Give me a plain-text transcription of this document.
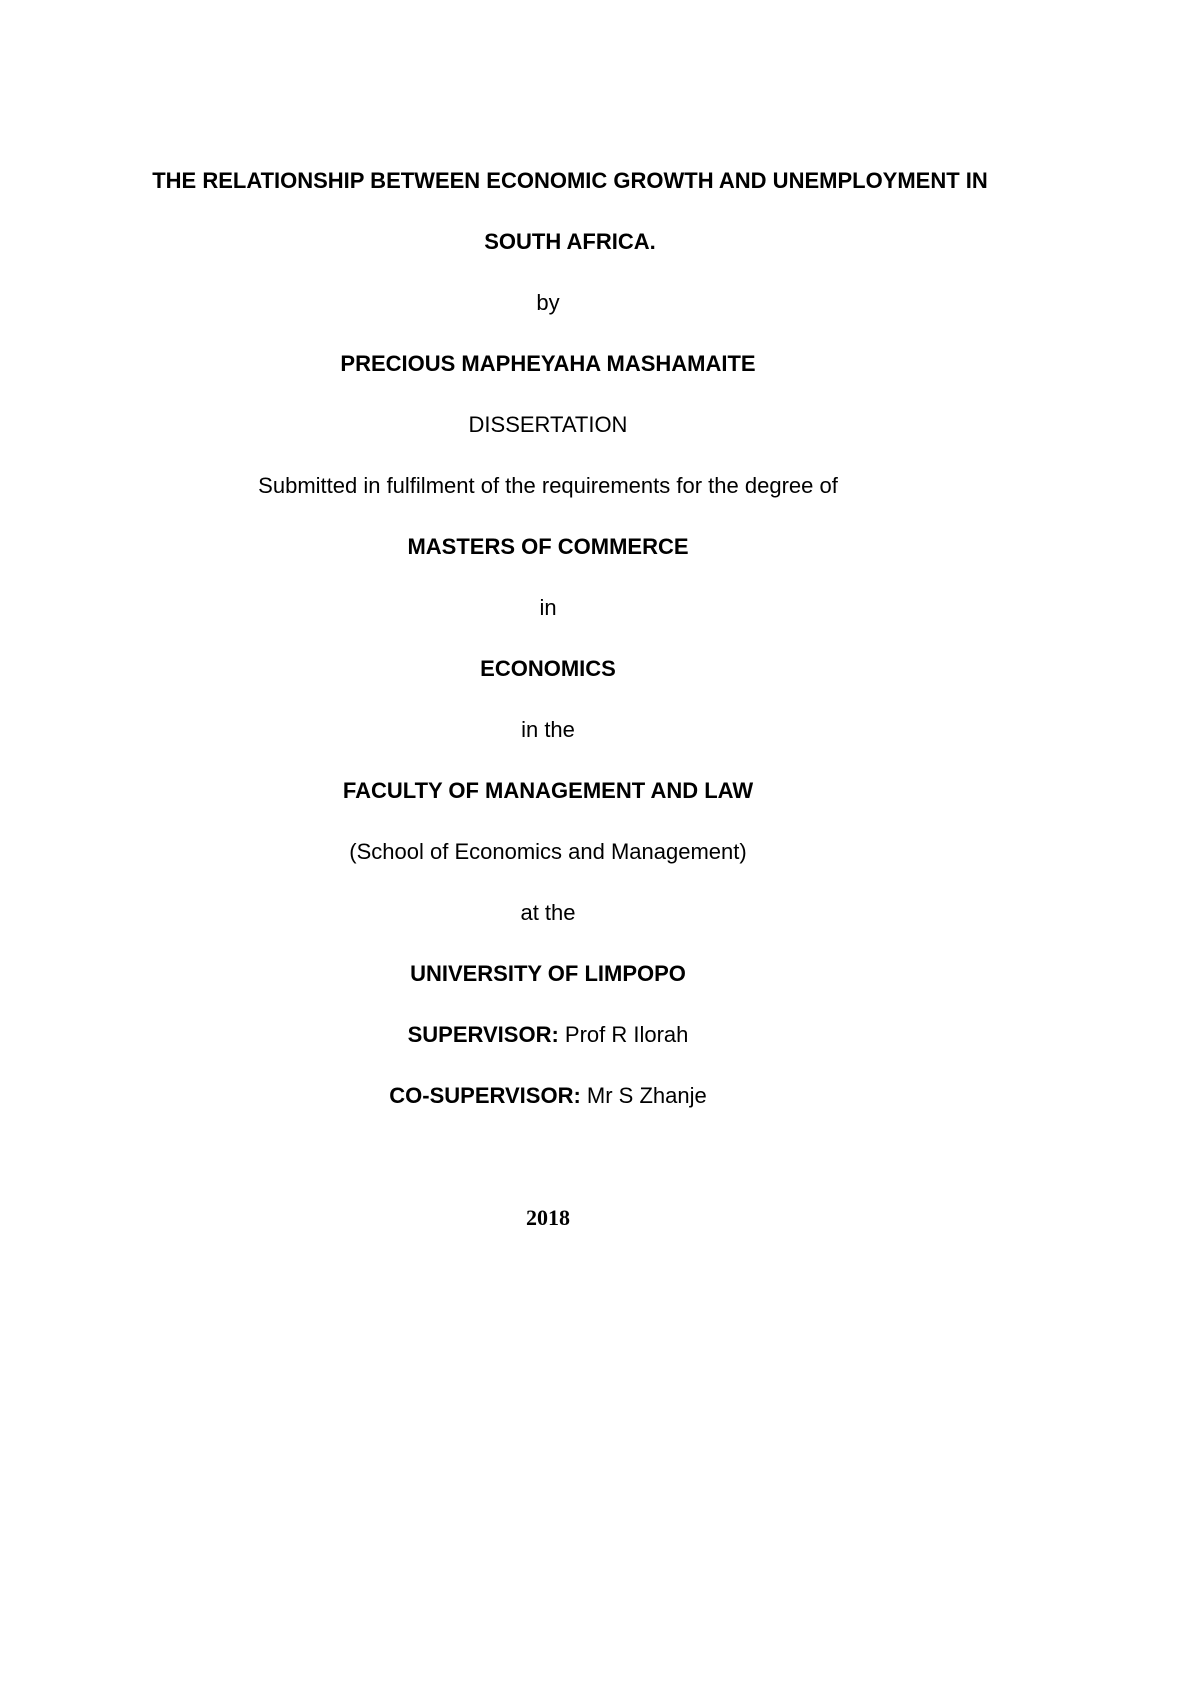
THE RELATIONSHIP BETWEEN ECONOMIC GROWTH AND UNEMPLOYMENT IN
SOUTH AFRICA.
by
PRECIOUS MAPHEYAHA MASHAMAITE
DISSERTATION
Submitted in fulfilment of the requirements for the degree of
MASTERS OF COMMERCE
in
ECONOMICS
in the
FACULTY OF MANAGEMENT AND LAW
(School of Economics and Management)
at the
UNIVERSITY OF LIMPOPO
SUPERVISOR: Prof R Ilorah
CO-SUPERVISOR: Mr S Zhanje
2018
